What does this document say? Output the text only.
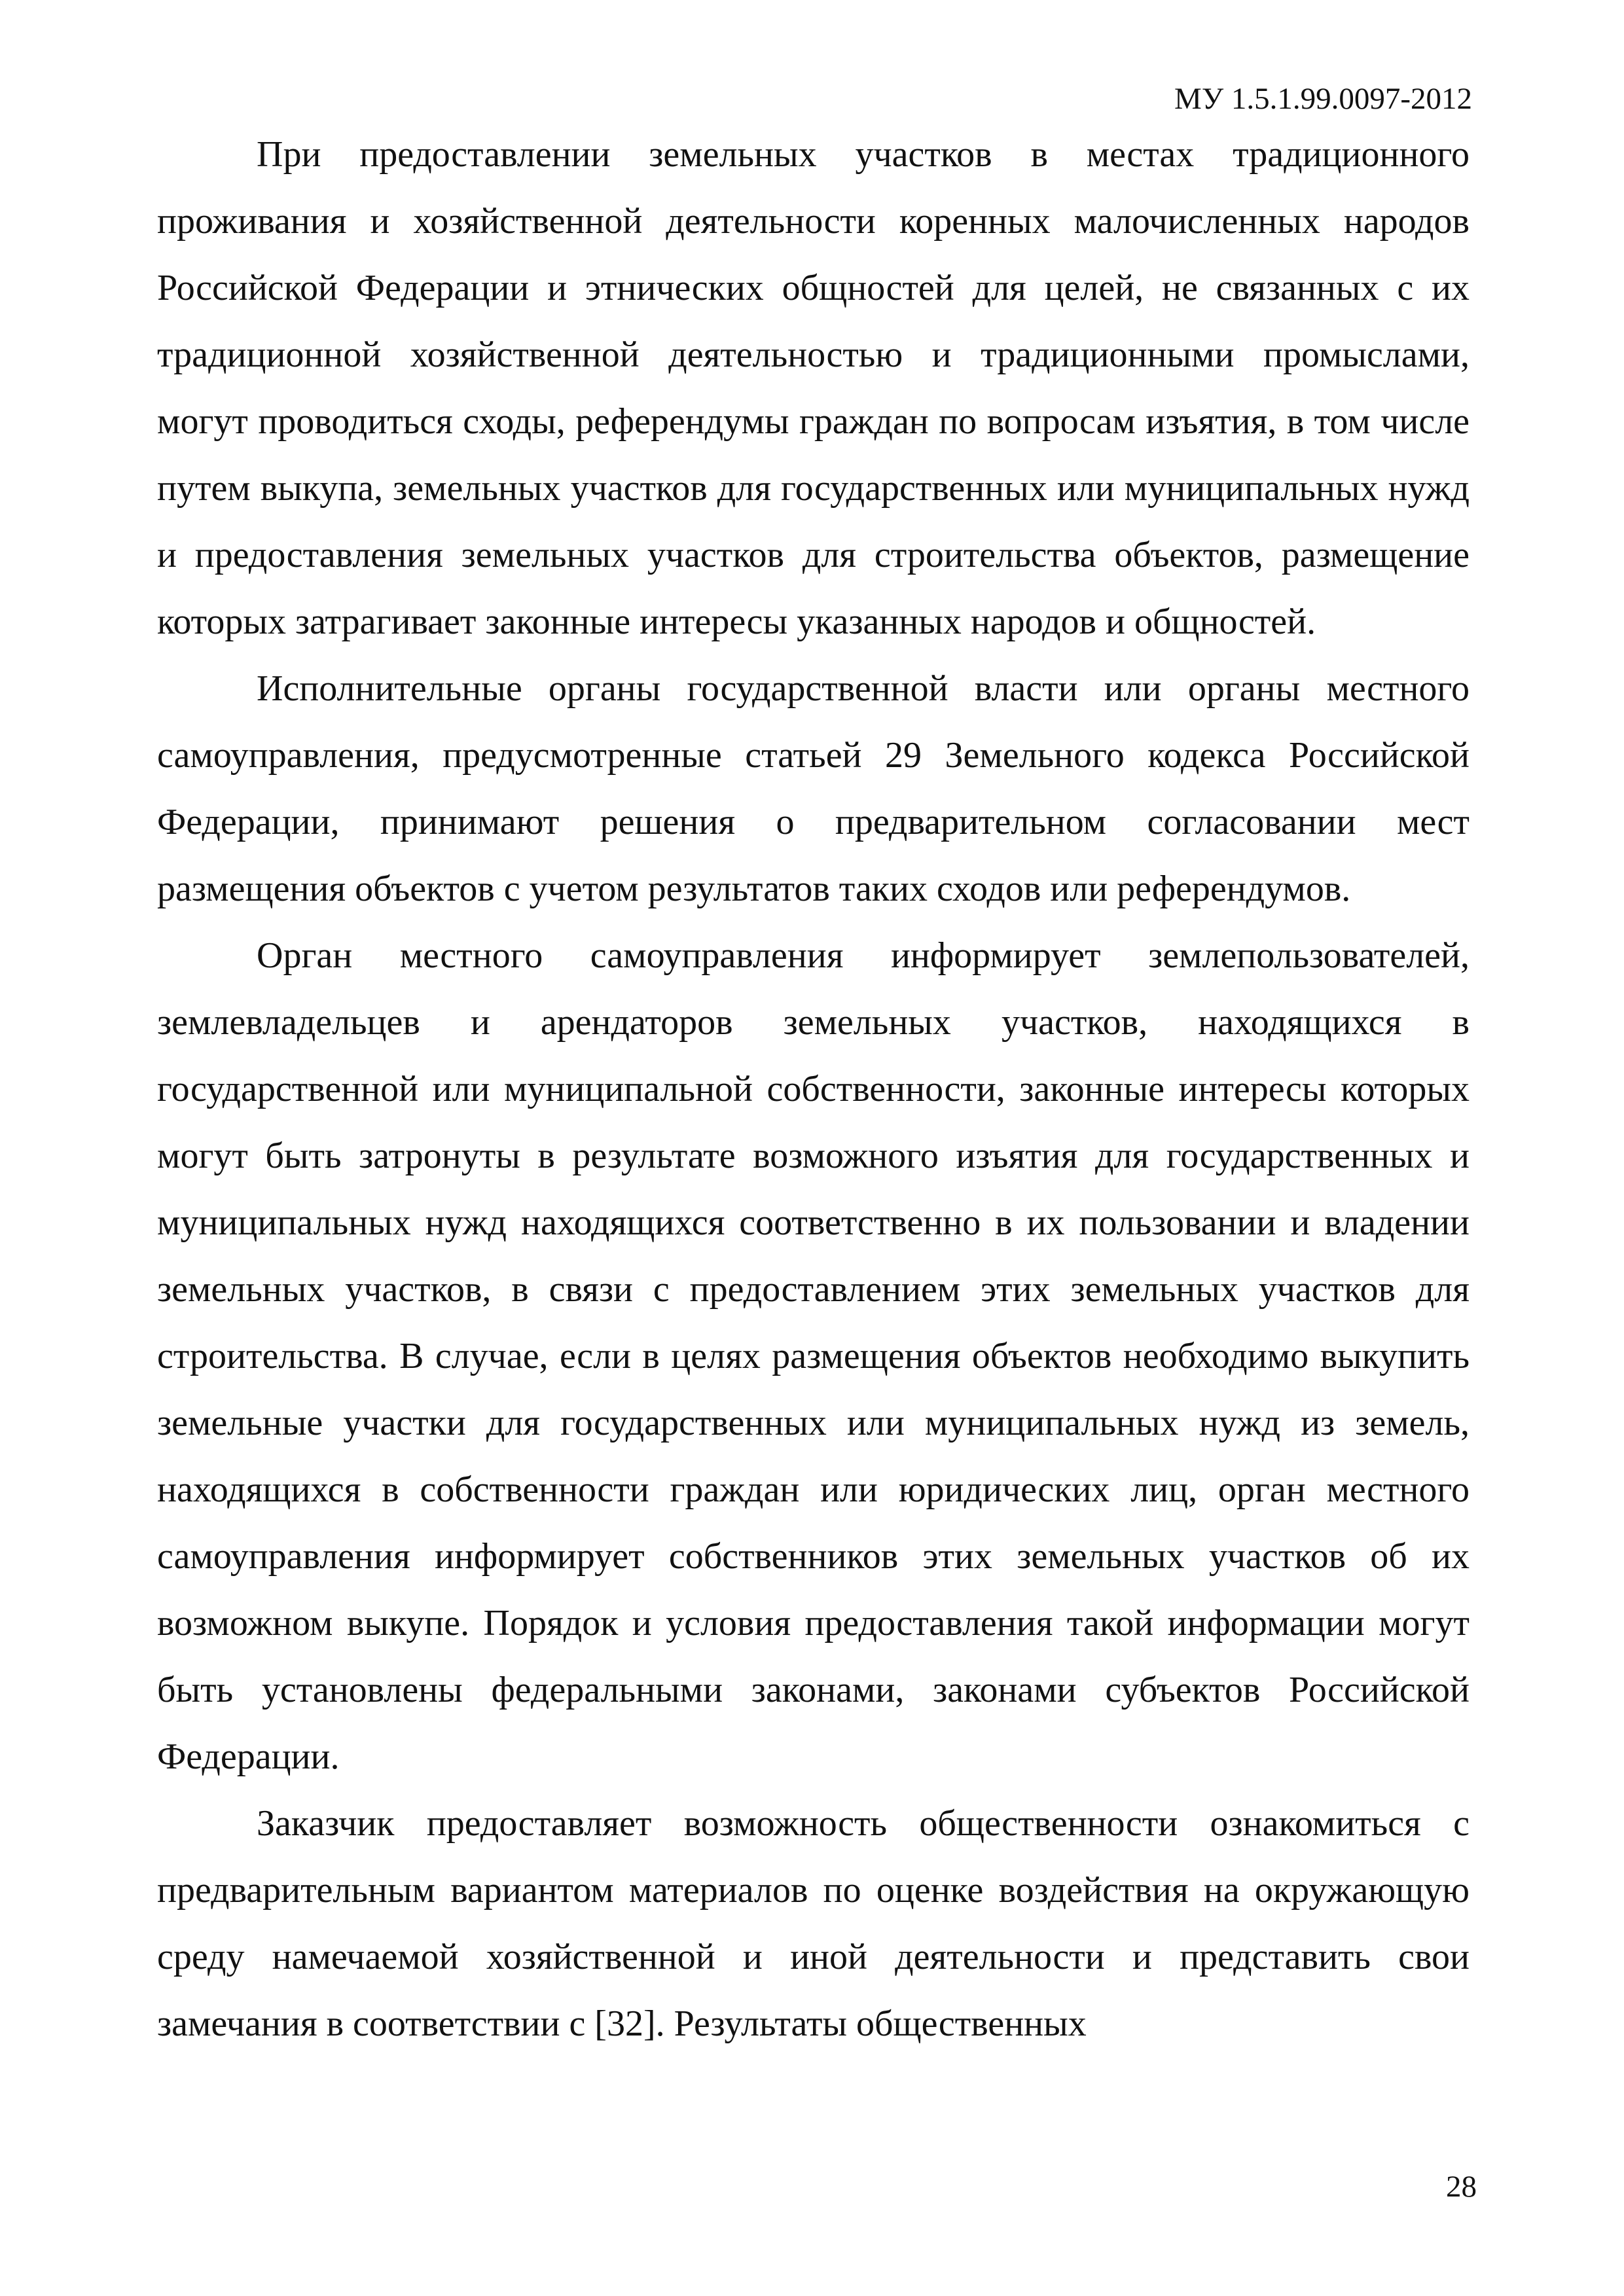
МУ 1.5.1.99.0097-2012

При предоставлении земельных участков в местах традиционного проживания и хозяйственной деятельности коренных малочисленных народов Российской Федерации и этнических общностей для целей, не связанных с их традиционной хозяйственной деятельностью и традиционными промыслами, могут проводиться сходы, референдумы граждан по вопросам изъятия, в том числе путем выкупа, земельных участков для государственных или муниципальных нужд и предоставления земельных участков для строительства объектов, размещение которых затрагивает законные интересы указанных народов и общностей.

Исполнительные органы государственной власти или органы местного самоуправления, предусмотренные статьей 29 Земельного кодекса Российской Федерации, принимают решения о предварительном согласовании мест размещения объектов с учетом результатов таких сходов или референдумов.

Орган местного самоуправления информирует землепользователей, землевладельцев и арендаторов земельных участков, находящихся в государственной или муниципальной собственности, законные интересы которых могут быть затронуты в результате возможного изъятия для государственных и муниципальных нужд находящихся соответственно в их пользовании и владении земельных участков, в связи с предоставлением этих земельных участков для строительства. В случае, если в целях размещения объектов необходимо выкупить земельные участки для государственных или муниципальных нужд из земель, находящихся в собственности граждан или юридических лиц, орган местного самоуправления информирует собственников этих земельных участков об их возможном выкупе. Порядок и условия предоставления такой информации могут быть установлены федеральными законами, законами субъектов Российской Федерации.

Заказчик предоставляет возможность общественности ознакомиться с предварительным вариантом материалов по оценке воздействия на окружающую среду намечаемой хозяйственной и иной деятельности и представить свои замечания в соответствии с [32]. Результаты общественных

28
